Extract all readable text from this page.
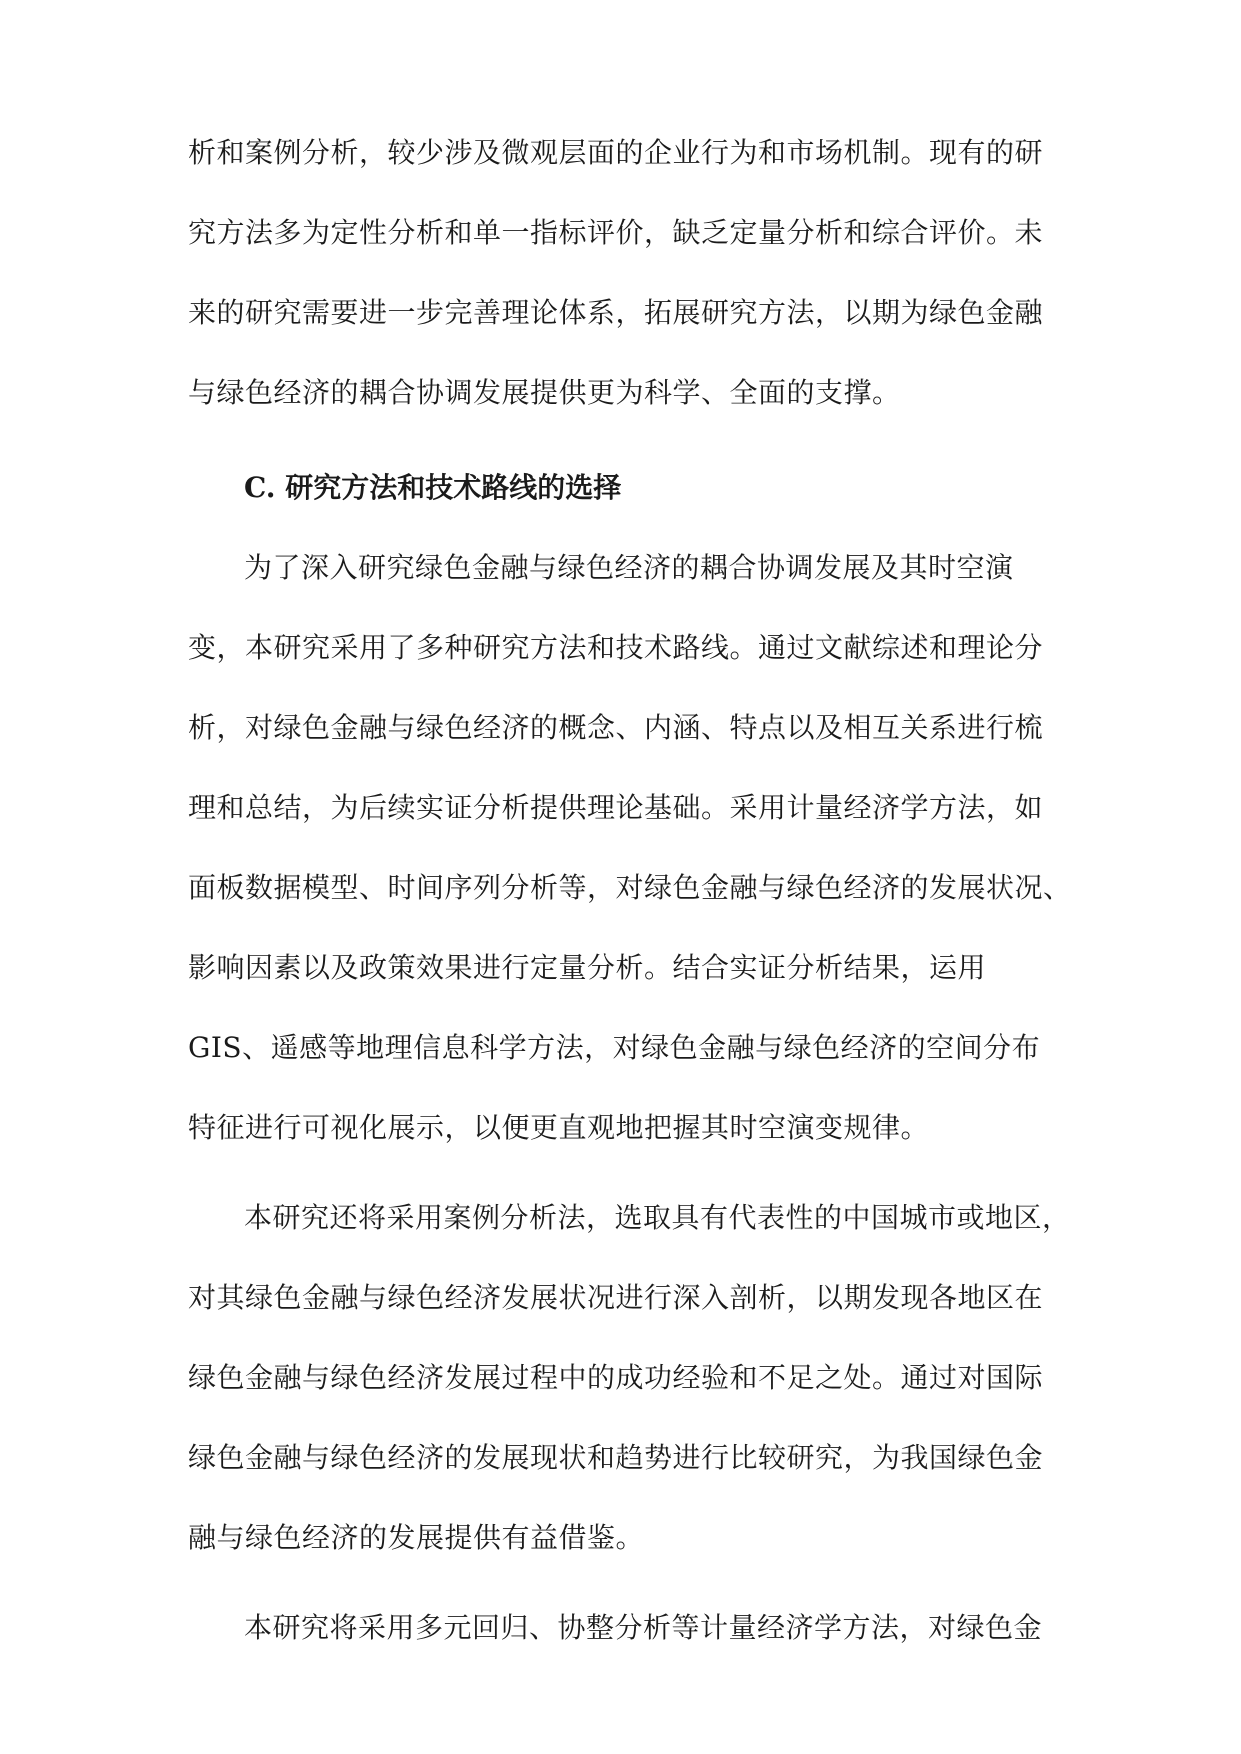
析和案例分析，较少涉及微观层面的企业行为和市场机制。现有的研
究方法多为定性分析和单一指标评价，缺乏定量分析和综合评价。未
来的研究需要进一步完善理论体系，拓展研究方法，以期为绿色金融
与绿色经济的耦合协调发展提供更为科学、全面的支撑。
C. 研究方法和技术路线的选择
为了深入研究绿色金融与绿色经济的耦合协调发展及其时空演
变，本研究采用了多种研究方法和技术路线。通过文献综述和理论分
析，对绿色金融与绿色经济的概念、内涵、特点以及相互关系进行梳
理和总结，为后续实证分析提供理论基础。采用计量经济学方法，如
面板数据模型、时间序列分析等，对绿色金融与绿色经济的发展状况、
影响因素以及政策效果进行定量分析。结合实证分析结果，运用
GIS、遥感等地理信息科学方法，对绿色金融与绿色经济的空间分布
特征进行可视化展示，以便更直观地把握其时空演变规律。
本研究还将采用案例分析法，选取具有代表性的中国城市或地区，
对其绿色金融与绿色经济发展状况进行深入剖析，以期发现各地区在
绿色金融与绿色经济发展过程中的成功经验和不足之处。通过对国际
绿色金融与绿色经济的发展现状和趋势进行比较研究，为我国绿色金
融与绿色经济的发展提供有益借鉴。
本研究将采用多元回归、协整分析等计量经济学方法，对绿色金
